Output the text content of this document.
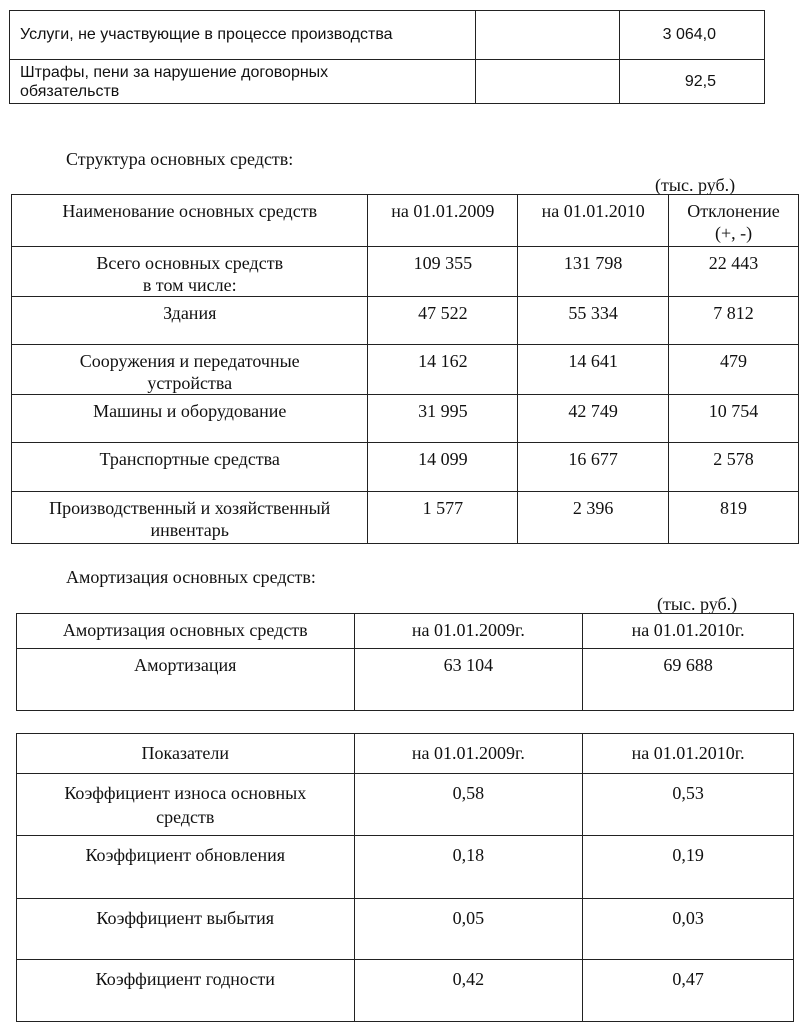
Услуги, не участвующие в процессе производства		3 064,0

Штрафы, пени за нарушение договорных
обязательств		92,5
Структура основных средств:
(тыс. руб.)
Наименование основных средств	на 01.01.2009	на 01.01.2010	Отклонение
(+, -)

Всего основных средств
в том числе:	109 355	131 798	22 443

Здания	47 522	55 334	7 812

Сооружения и передаточные
устройства	14 162	14 641	479

Машины и оборудование	31 995	42 749	10 754

Транспортные средства	14 099	16 677	2 578

Производственный и хозяйственный
инвентарь	1 577	2 396	819
Амортизация основных средств:
(тыс. руб.)
Амортизация основных средств	на 01.01.2009г.	на 01.01.2010г.
Амортизация	63 104	69 688
Показатели	на 01.01.2009г.	на 01.01.2010г.

Коэффициент износа основных
средств	0,58	0,53

Коэффициент обновления	0,18	0,19

Коэффициент выбытия	0,05	0,03

Коэффициент годности	0,42	0,47
